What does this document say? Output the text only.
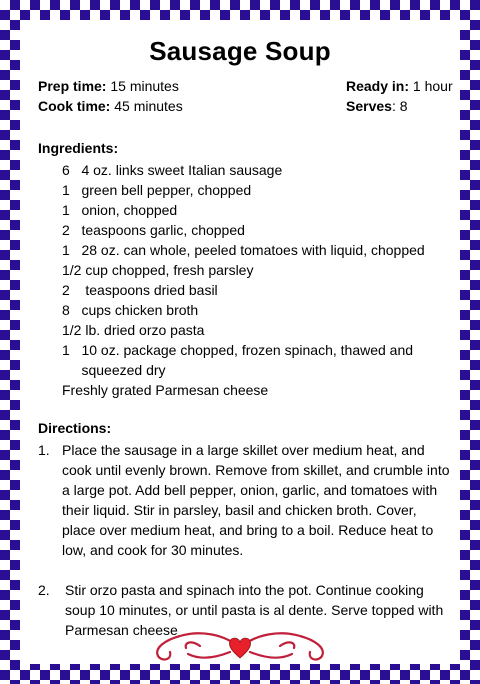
Sausage Soup
Prep time: 15 minutes
Cook time: 45 minutes
Ready in: 1 hour
Serves: 8
Ingredients:
6 4 oz. links sweet Italian sausage
1 green bell pepper, chopped
1 onion, chopped
2 teaspoons garlic, chopped
1 28 oz. can whole, peeled tomatoes with liquid, chopped
1/2 cup chopped, fresh parsley
2 teaspoons dried basil
8 cups chicken broth
1/2 lb. dried orzo pasta
1 10 oz. package chopped, frozen spinach, thawed and squeezed dry
Freshly grated Parmesan cheese
Directions:
1. Place the sausage in a large skillet over medium heat, and cook until evenly brown. Remove from skillet, and crumble into a large pot. Add bell pepper, onion, garlic, and tomatoes with their liquid. Stir in parsley, basil and chicken broth. Cover, place over medium heat, and bring to a boil. Reduce heat to low, and cook for 30 minutes.
2.	Stir orzo pasta and spinach into the pot. Continue cooking soup 10 minutes, or until pasta is al dente. Serve topped with Parmesan cheese
